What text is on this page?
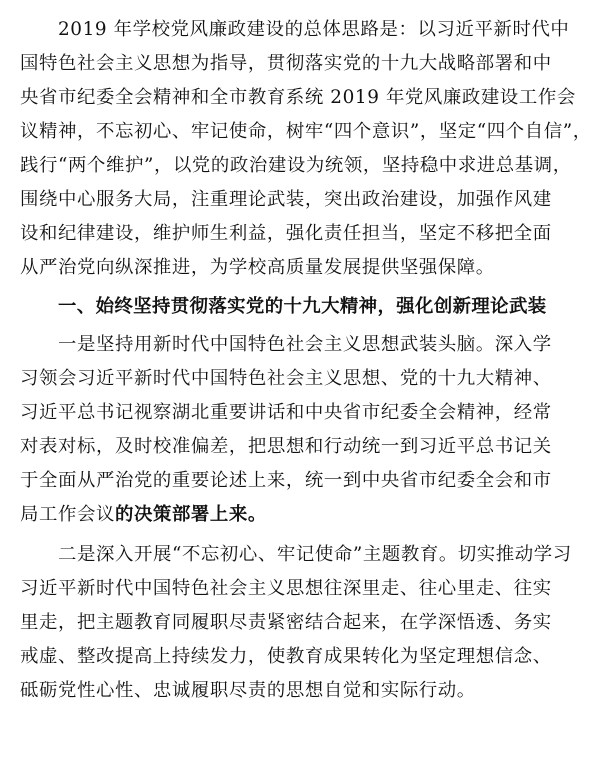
2019 年学校党风廉政建设的总体思路是：以习近平新时代中
国特色社会主义思想为指导，贯彻落实党的十九大战略部署和中
央省市纪委全会精神和全市教育系统 2019 年党风廉政建设工作会
议精神，不忘初心、牢记使命，树牢“四个意识”，坚定“四个自信”，
践行“两个维护”，以党的政治建设为统领，坚持稳中求进总基调，
围绕中心服务大局，注重理论武装，突出政治建设，加强作风建
设和纪律建设，维护师生利益，强化责任担当，坚定不移把全面
从严治党向纵深推进，为学校高质量发展提供坚强保障。
一、始终坚持贯彻落实党的十九大精神，强化创新理论武装
一是坚持用新时代中国特色社会主义思想武装头脑。深入学
习领会习近平新时代中国特色社会主义思想、党的十九大精神、
习近平总书记视察湖北重要讲话和中央省市纪委全会精神，经常
对表对标，及时校准偏差，把思想和行动统一到习近平总书记关
于全面从严治党的重要论述上来，统一到中央省市纪委全会和市
局工作会议的决策部署上来。
二是深入开展“不忘初心、牢记使命”主题教育。切实推动学习
习近平新时代中国特色社会主义思想往深里走、往心里走、往实
里走，把主题教育同履职尽责紧密结合起来，在学深悟透、务实
戒虚、整改提高上持续发力，使教育成果转化为坚定理想信念、
砥砺党性心性、忠诚履职尽责的思想自觉和实际行动。
